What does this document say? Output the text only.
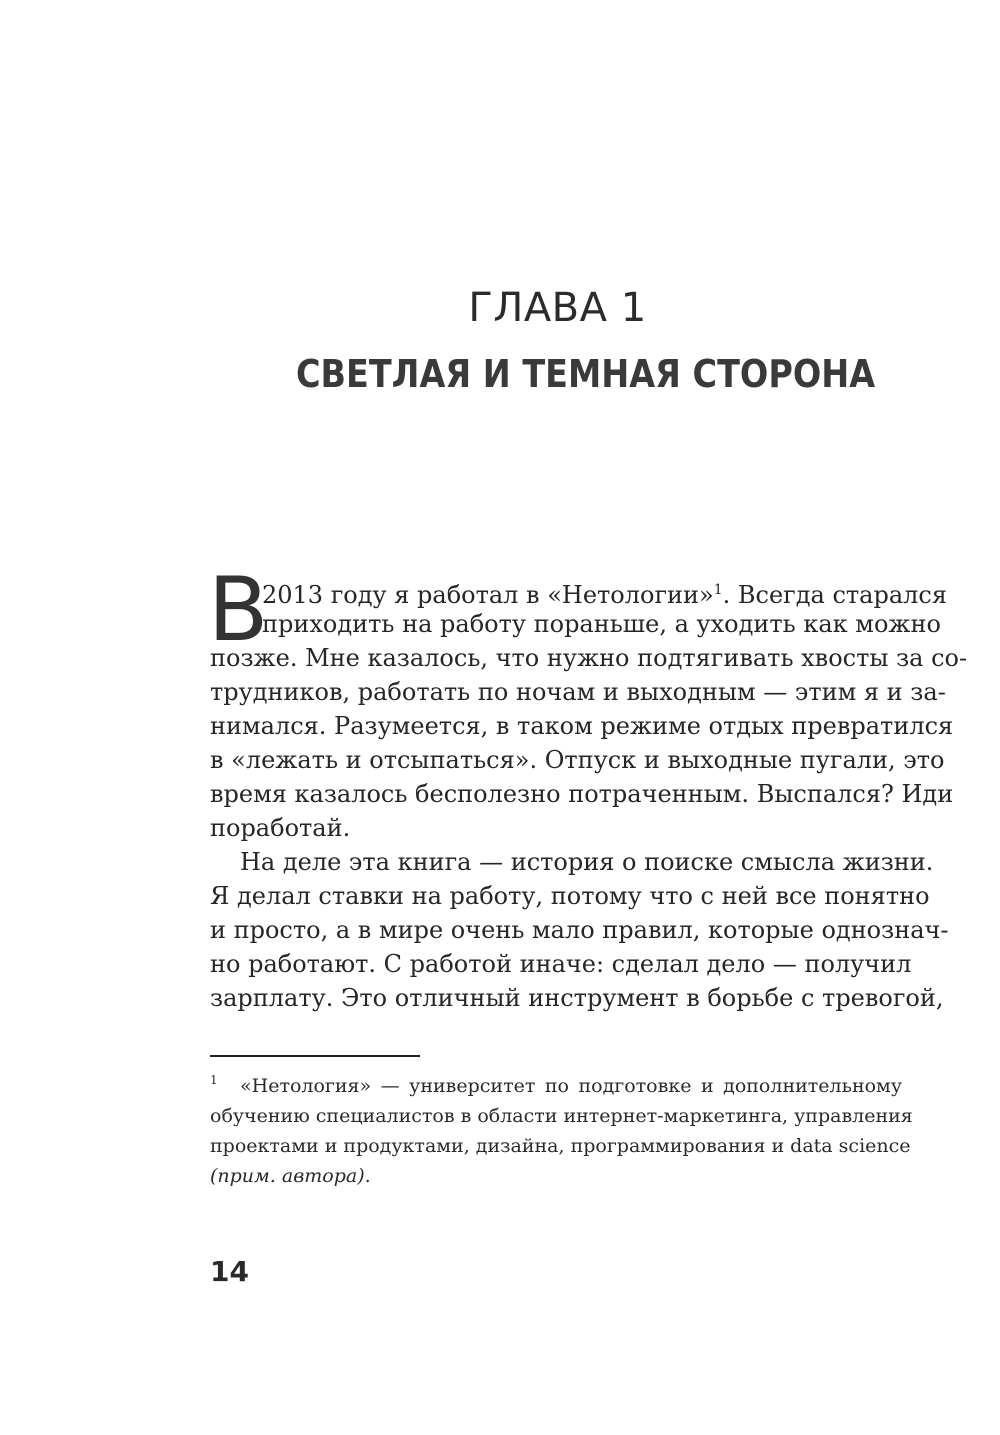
ГЛАВА 1
СВЕТЛАЯ И ТЕМНАЯ СТОРОНА
В
2013 году я работал в «Нетологии»$^1$. Всегда старался
приходить на работу пораньше, а уходить как можно
позже. Мне казалось, что нужно подтягивать хвосты за со-
трудников, работать по ночам и выходным — этим я и за-
нимался. Разумеется, в таком режиме отдых превратился
в «лежать и отсыпаться». Отпуск и выходные пугали, это
время казалось бесполезно потраченным. Выспался? Иди
поработай.
На деле эта книга — история о поиске смысла жизни.
Я делал ставки на работу, потому что с ней все понятно
и просто, а в мире очень мало правил, которые однознач-
но работают. С работой иначе: сделал дело — получил
зарплату. Это отличный инструмент в борьбе с тревогой,
1 «Нетология» — университет по подготовке и дополнительному
обучению специалистов в области интернет-маркетинга, управления
проектами и продуктами, дизайна, программирования и data science
(прим. автора).
14
